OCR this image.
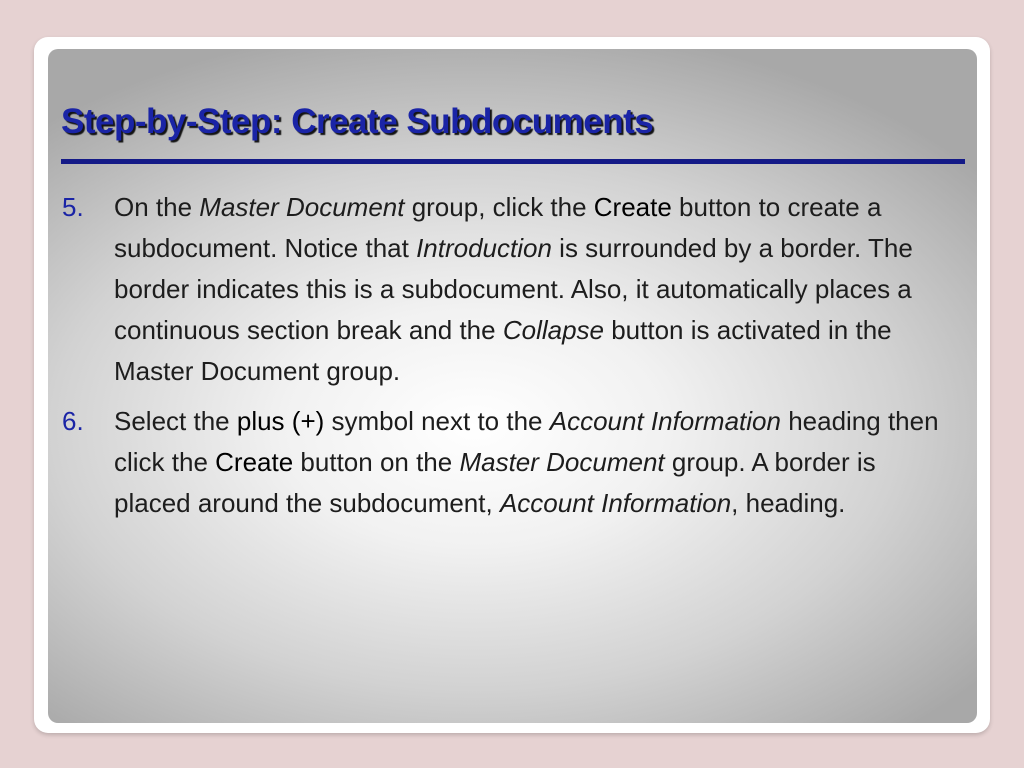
Step-by-Step: Create Subdocuments
5. On the Master Document group, click the Create button to create a subdocument. Notice that Introduction is surrounded by a border. The border indicates this is a subdocument. Also, it automatically places a continuous section break and the Collapse button is activated in the Master Document group.
6. Select the plus (+) symbol next to the Account Information heading then click the Create button on the Master Document group. A border is placed around the subdocument, Account Information, heading.
